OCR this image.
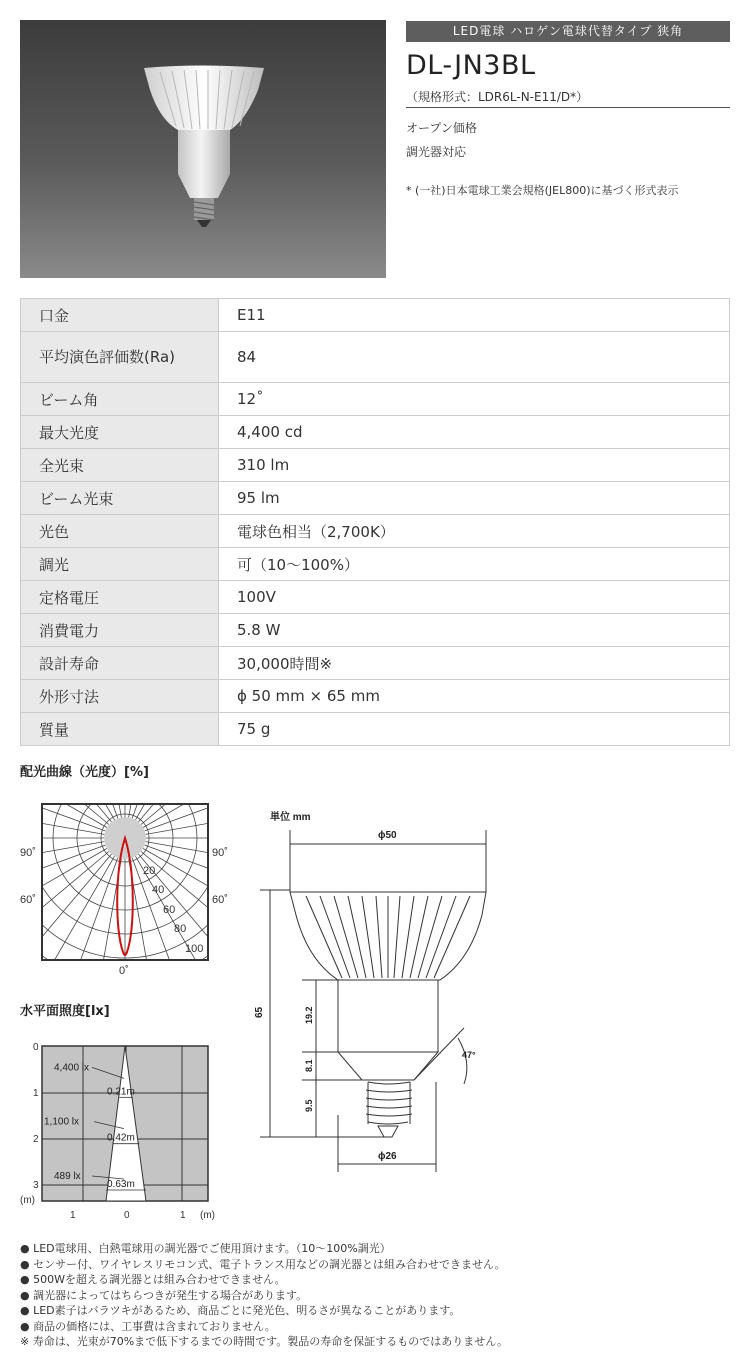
LED電球 ハロゲン電球代替タイプ 狭角
DL-JN3BL
（規格形式：LDR6L-N-E11/D*）
オープン価格
調光器対応
* (一社)日本電球工業会規格(JEL800)に基づく形式表示
口金	E11
平均演色評価数(Ra)	84
ビーム角	12˚
最大光度	4,400 cd
全光束	310 lm
ビーム光束	95 lm
光色	電球色相当（2,700K）
調光	可（10～100%）
定格電圧	100V
消費電力	5.8 W
設計寿命	30,000時間※
外形寸法	ϕ 50 mm × 65 mm
質量	75 g
配光曲線（光度）[%]
水平面照度[lx]
90˚	90˚
60˚	60˚
0˚
20
40
60
80
100
4,400 lx
0.21m
1,100 lx
0.42m
489 lx
0.63m
0
1
2
3
(m)
1	0	1 (m)
単位 mm
ϕ50
65	19.2
8.1
9.5
47°
ϕ26
● LED電球用、白熱電球用の調光器でご使用頂けます。（10～100%調光）
● センサー付、ワイヤレスリモコン式、電子トランス用などの調光器とは組み合わせできません。
● 500Wを超える調光器とは組み合わせできません。
● 調光器によってはちらつきが発生する場合があります。
● LED素子はバラツキがあるため、商品ごとに発光色、明るさが異なることがあります。
● 商品の価格には、工事費は含まれておりません。
※ 寿命は、光束が70%まで低下するまでの時間です。製品の寿命を保証するものではありません。
